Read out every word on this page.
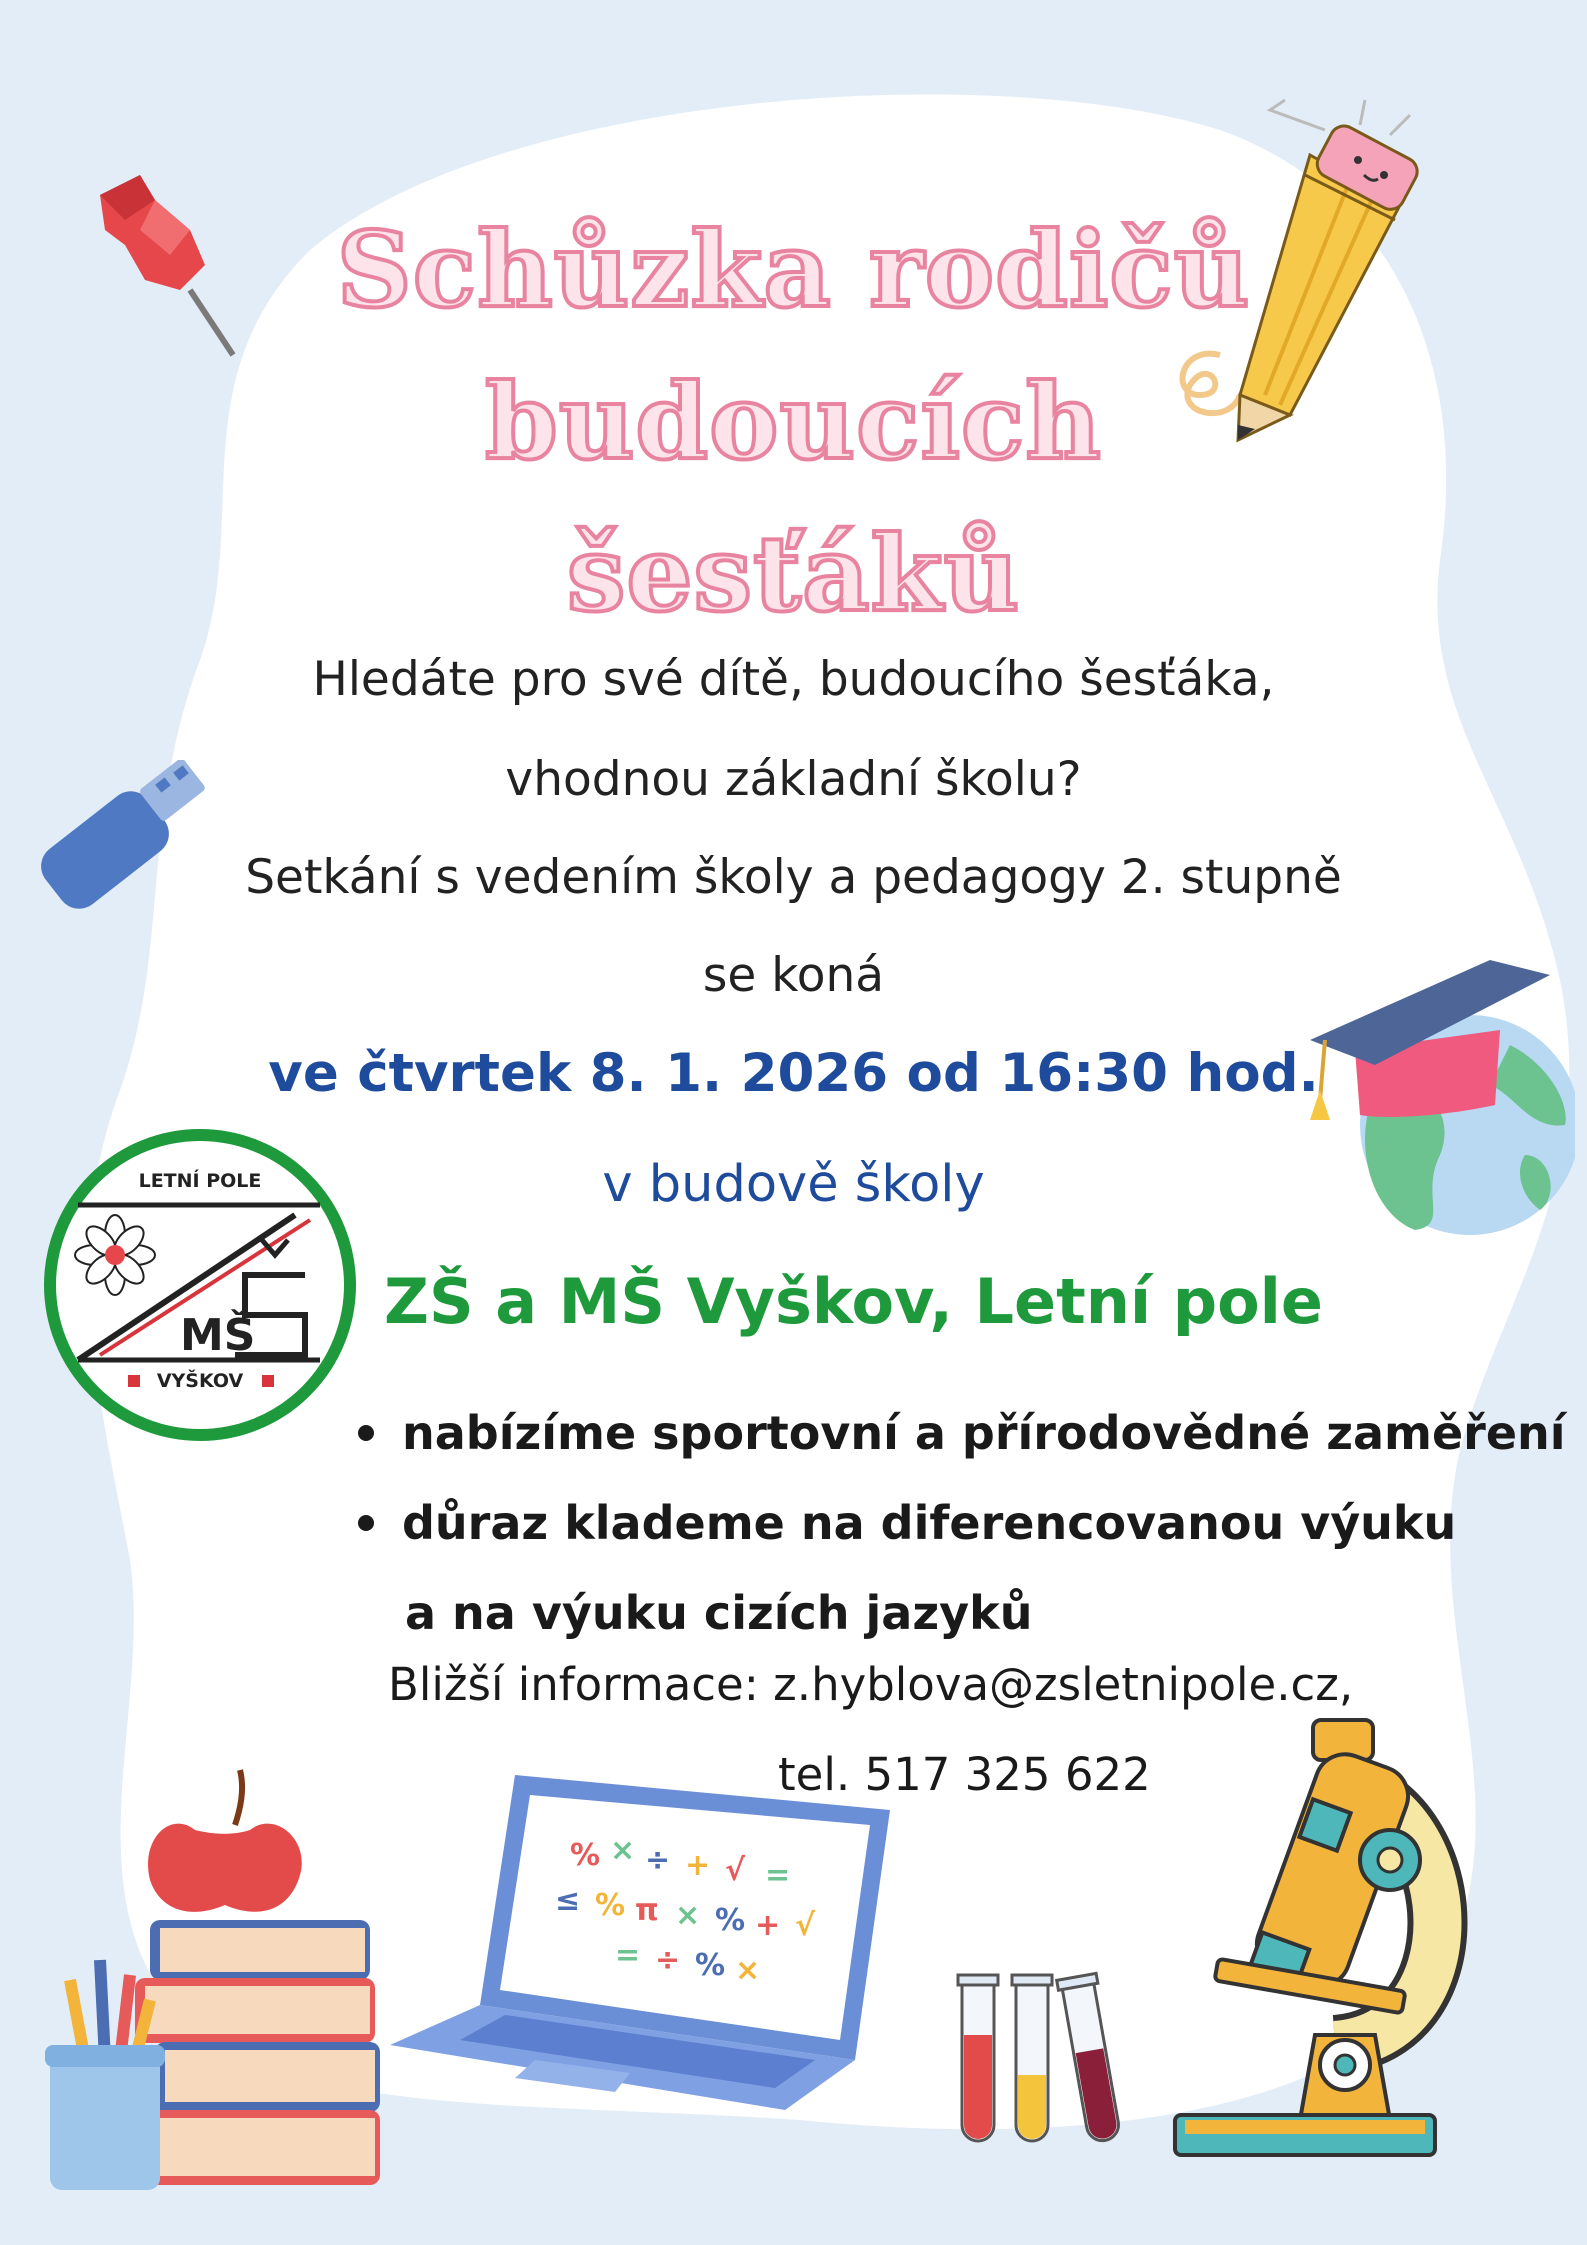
LETNÍ POLE
MŠ
VYŠKOV
% × ÷ + √ =
≤ % π × % + √
= ÷ % ×
Schůzka rodičů
budoucích
šesťáků
Hledáte pro své dítě, budoucího šesťáka,
vhodnou základní školu?
Setkání s vedením školy a pedagogy 2. stupně
se koná
ve čtvrtek 8. 1. 2026 od 16:30 hod.
v budově školy
ZŠ a MŠ Vyškov, Letní pole
nabízíme sportovní a přírodovědné zaměření
důraz klademe na diferencovanou výuku
a na výuku cizích jazyků
Bližší informace: z.hyblova@zsletnipole.cz,
tel. 517 325 622
